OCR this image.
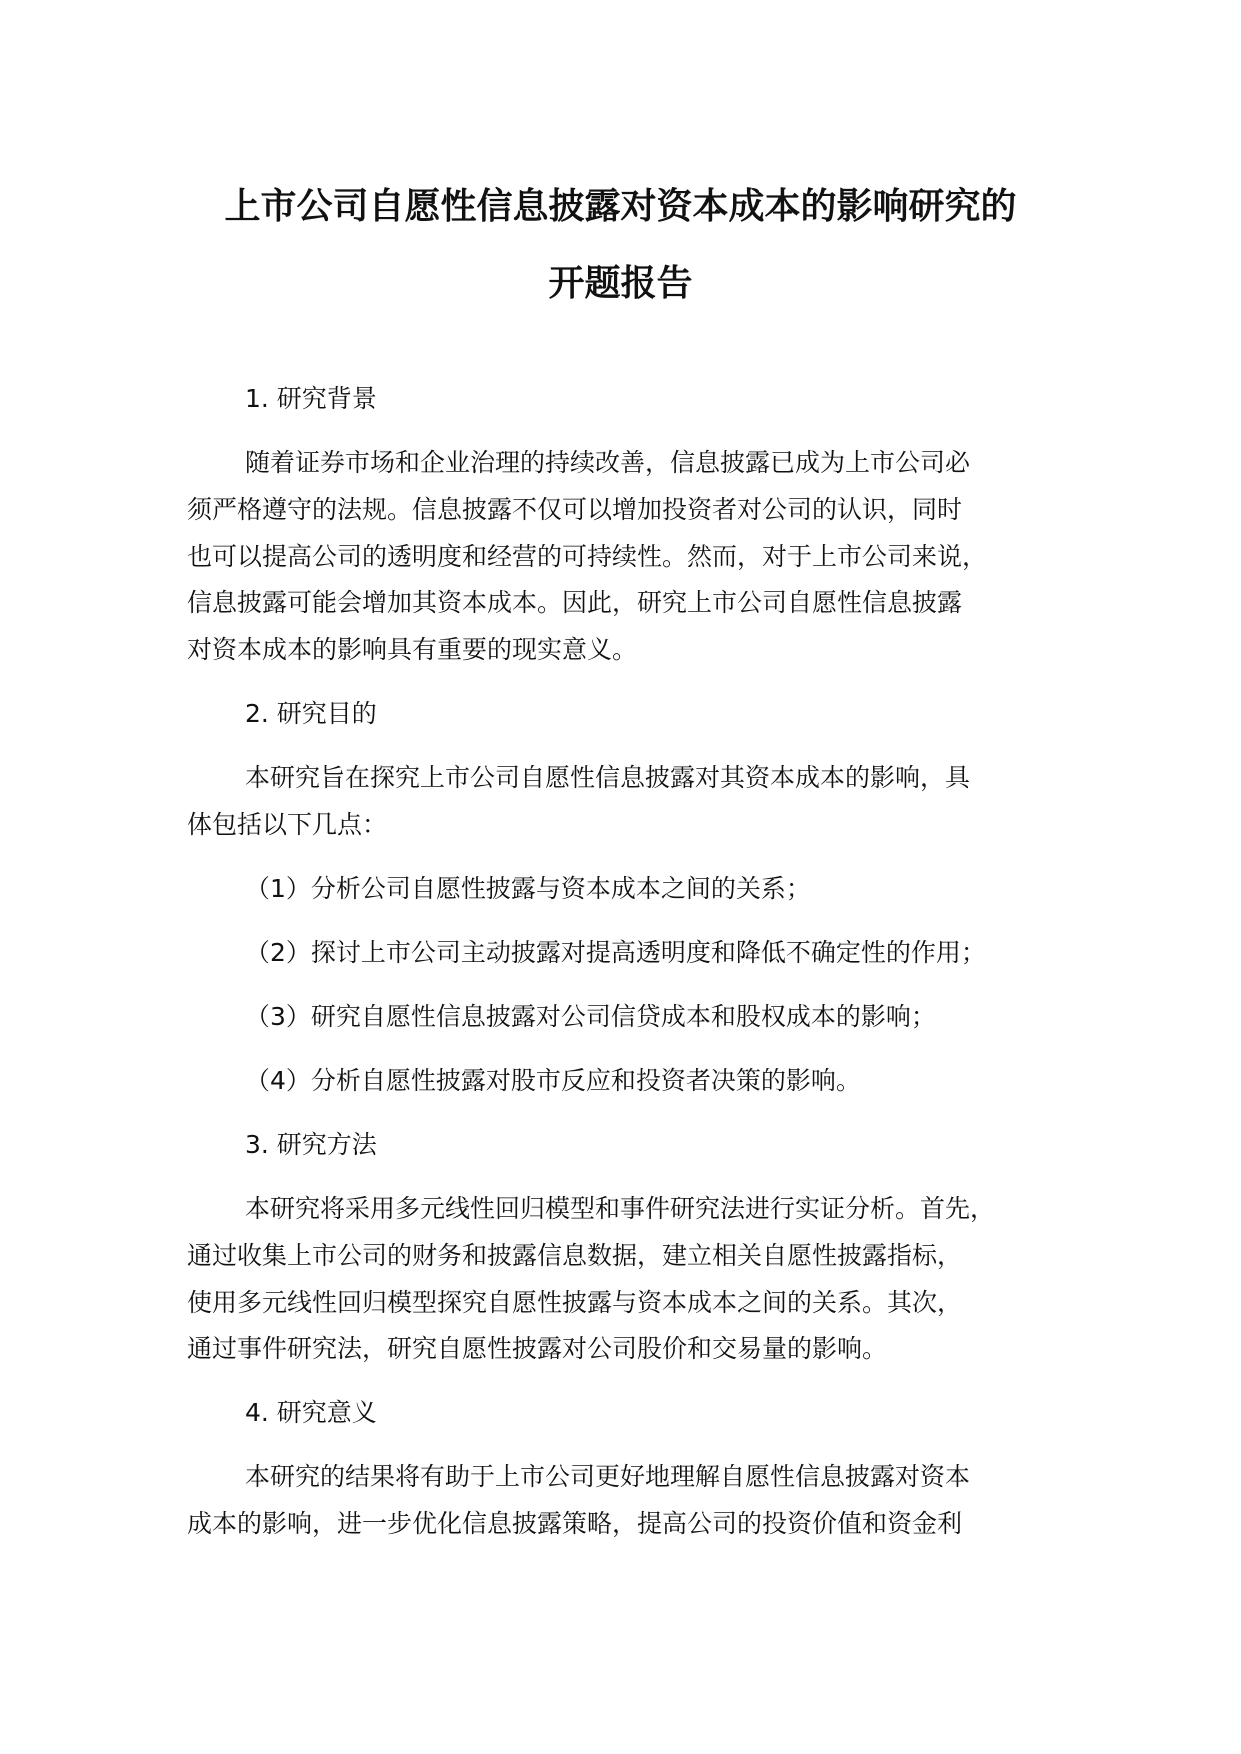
上市公司自愿性信息披露对资本成本的影响研究的
开题报告
1. 研究背景
随着证券市场和企业治理的持续改善，信息披露已成为上市公司必
须严格遵守的法规。信息披露不仅可以增加投资者对公司的认识，同时
也可以提高公司的透明度和经营的可持续性。然而，对于上市公司来说，
信息披露可能会增加其资本成本。因此，研究上市公司自愿性信息披露
对资本成本的影响具有重要的现实意义。
2. 研究目的
本研究旨在探究上市公司自愿性信息披露对其资本成本的影响，具
体包括以下几点：
（1）分析公司自愿性披露与资本成本之间的关系；
（2）探讨上市公司主动披露对提高透明度和降低不确定性的作用；
（3）研究自愿性信息披露对公司信贷成本和股权成本的影响；
（4）分析自愿性披露对股市反应和投资者决策的影响。
3. 研究方法
本研究将采用多元线性回归模型和事件研究法进行实证分析。首先，
通过收集上市公司的财务和披露信息数据，建立相关自愿性披露指标，
使用多元线性回归模型探究自愿性披露与资本成本之间的关系。其次，
通过事件研究法，研究自愿性披露对公司股价和交易量的影响。
4. 研究意义
本研究的结果将有助于上市公司更好地理解自愿性信息披露对资本
成本的影响，进一步优化信息披露策略，提高公司的投资价值和资金利
